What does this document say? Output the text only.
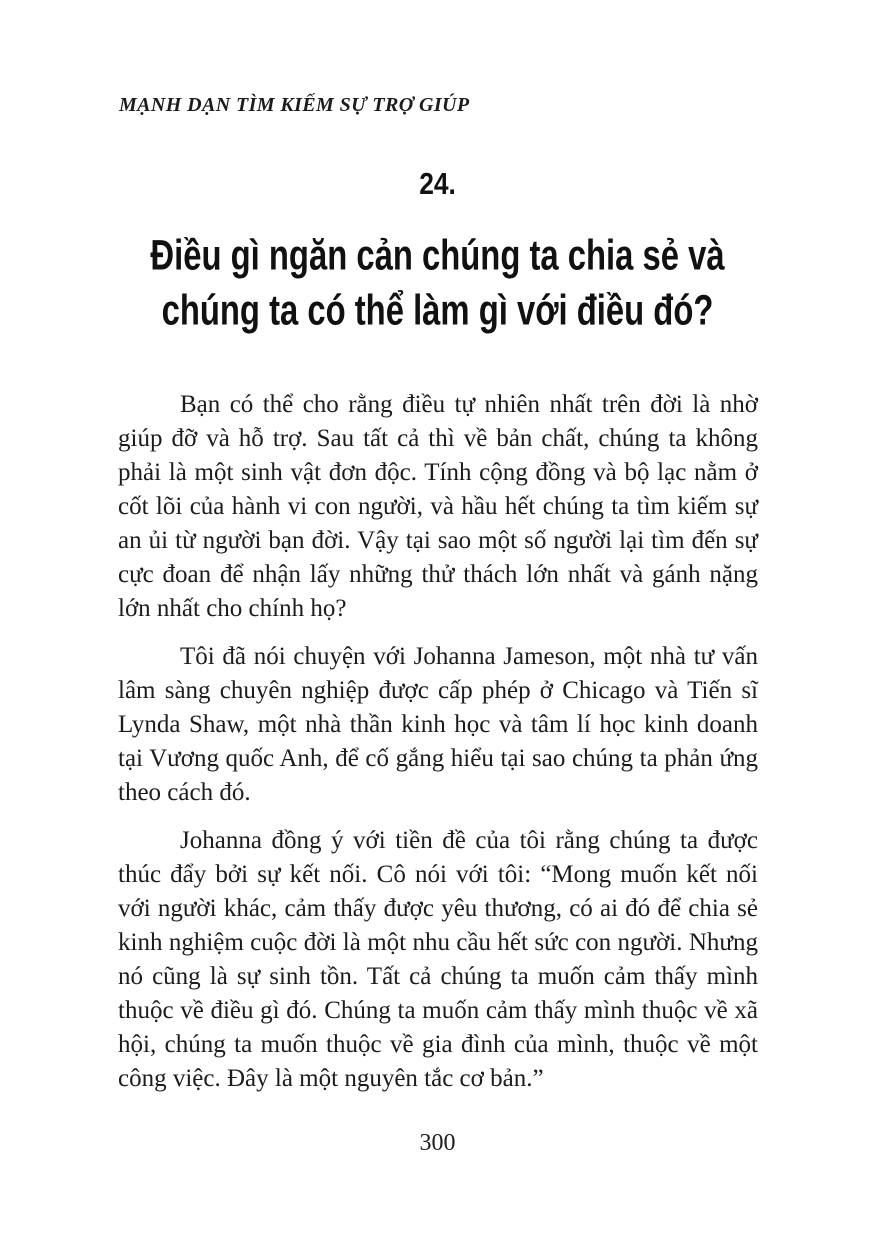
MẠNH DẠN TÌM KIẾM SỰ TRỢ GIÚP
24.
Điều gì ngăn cản chúng ta chia sẻ và
chúng ta có thể làm gì với điều đó?

Bạn có thể cho rằng điều tự nhiên nhất trên đời là nhờ giúp đỡ và hỗ trợ. Sau tất cả thì về bản chất, chúng ta không phải là một sinh vật đơn độc. Tính cộng đồng và bộ lạc nằm ở cốt lõi của hành vi con người, và hầu hết chúng ta tìm kiếm sự an ủi từ người bạn đời. Vậy tại sao một số người lại tìm đến sự cực đoan để nhận lấy những thử thách lớn nhất và gánh nặng lớn nhất cho chính họ?

Tôi đã nói chuyện với Johanna Jameson, một nhà tư vấn lâm sàng chuyên nghiệp được cấp phép ở Chicago và Tiến sĩ Lynda Shaw, một nhà thần kinh học và tâm lí học kinh doanh tại Vương quốc Anh, để cố gắng hiểu tại sao chúng ta phản ứng theo cách đó.

Johanna đồng ý với tiền đề của tôi rằng chúng ta được thúc đẩy bởi sự kết nối. Cô nói với tôi: “Mong muốn kết nối với người khác, cảm thấy được yêu thương, có ai đó để chia sẻ kinh nghiệm cuộc đời là một nhu cầu hết sức con người. Nhưng nó cũng là sự sinh tồn. Tất cả chúng ta muốn cảm thấy mình thuộc về điều gì đó. Chúng ta muốn cảm thấy mình thuộc về xã hội, chúng ta muốn thuộc về gia đình của mình, thuộc về một công việc. Đây là một nguyên tắc cơ bản.”

300
